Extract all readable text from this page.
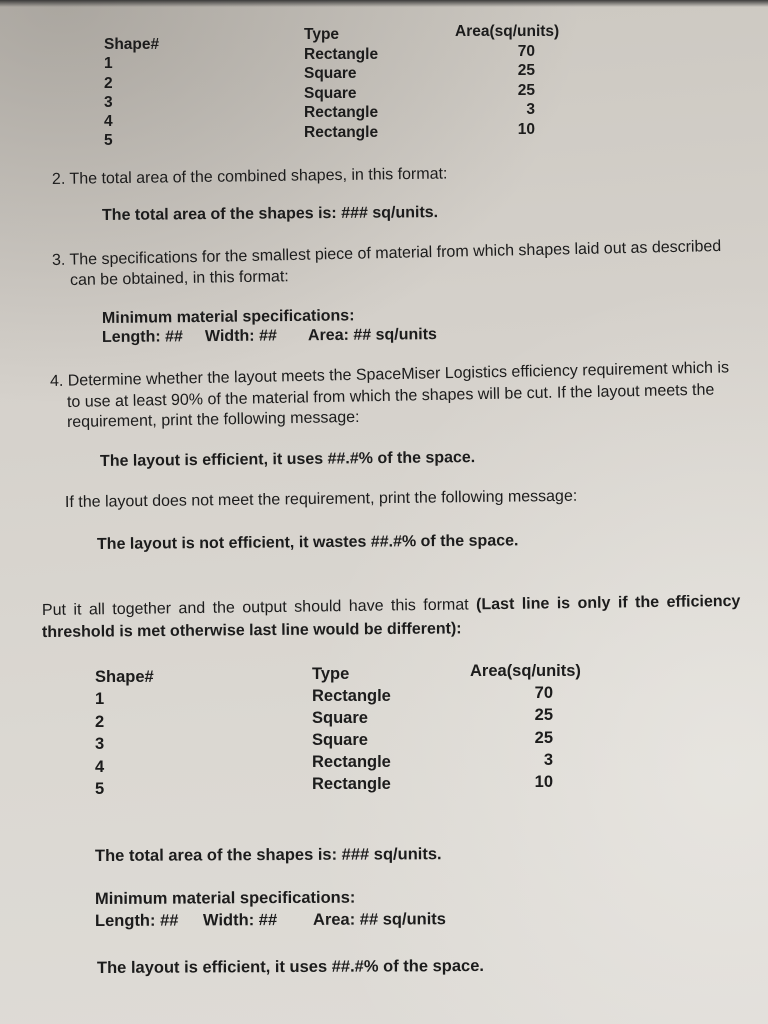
Shape#
1
2
3
4
5
Type
Rectangle
Square
Square
Rectangle
Rectangle
Area(sq/units)
70
25
25
3
10
2. The total area of the combined shapes, in this format:
The total area of the shapes is: ### sq/units.
3. The specifications for the smallest piece of material from which shapes laid out as described
can be obtained, in this format:
Minimum material specifications:
Length: ## Width: ## Area: ## sq/units
4. Determine whether the layout meets the SpaceMiser Logistics efficiency requirement which is
to use at least 90% of the material from which the shapes will be cut. If the layout meets the
requirement, print the following message:
The layout is efficient, it uses ##.#% of the space.
If the layout does not meet the requirement, print the following message:
The layout is not efficient, it wastes ##.#% of the space.
Put it all together and the output should have this format (Last line is only if the efficiency
threshold is met otherwise last line would be different):
Shape#
1
2
3
4
5
Type
Rectangle
Square
Square
Rectangle
Rectangle
Area(sq/units)
70
25
25
3
10
The total area of the shapes is: ### sq/units.
Minimum material specifications:
Length: ## Width: ## Area: ## sq/units
The layout is efficient, it uses ##.#% of the space.
